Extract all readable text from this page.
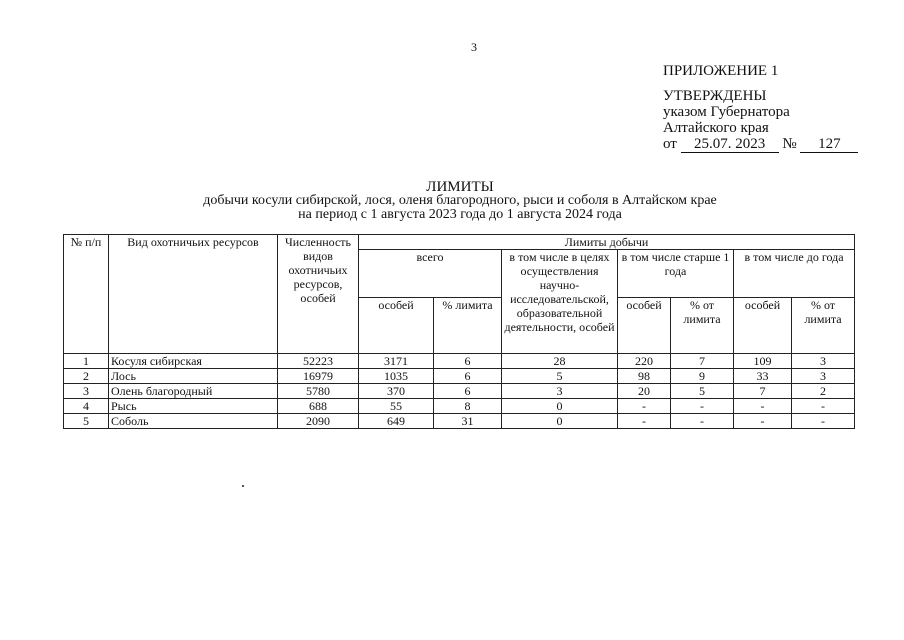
3
ПРИЛОЖЕНИЕ 1
УТВЕРЖДЕНЫ
указом Губернатора
Алтайского края
от 25.07. 2023 № 127
ЛИМИТЫ
добычи косули сибирской, лося, оленя благородного, рыси и соболя в Алтайском крае
на период с 1 августа 2023 года до 1 августа 2024 года
№ п/п	Вид охотничьих ресурсов	Численность видов охотничьих ресурсов, особей	Лимиты добычи						
			всего		в том числе в целях осуществления научно-исследовательской, образовательной деятельности, особей	в том числе старше 1 года		в том числе до года	
			особей	% лимита		особей	% от лимита	особей	% от лимита
1	Косуля сибирская	52223	3171	6	28	220	7	109	3
2	Лось	16979	1035	6	5	98	9	33	3
3	Олень благородный	5780	370	6	3	20	5	7	2
4	Рысь	688	55	8	0	-	-	-	-
5	Соболь	2090	649	31	0	-	-	-	-
